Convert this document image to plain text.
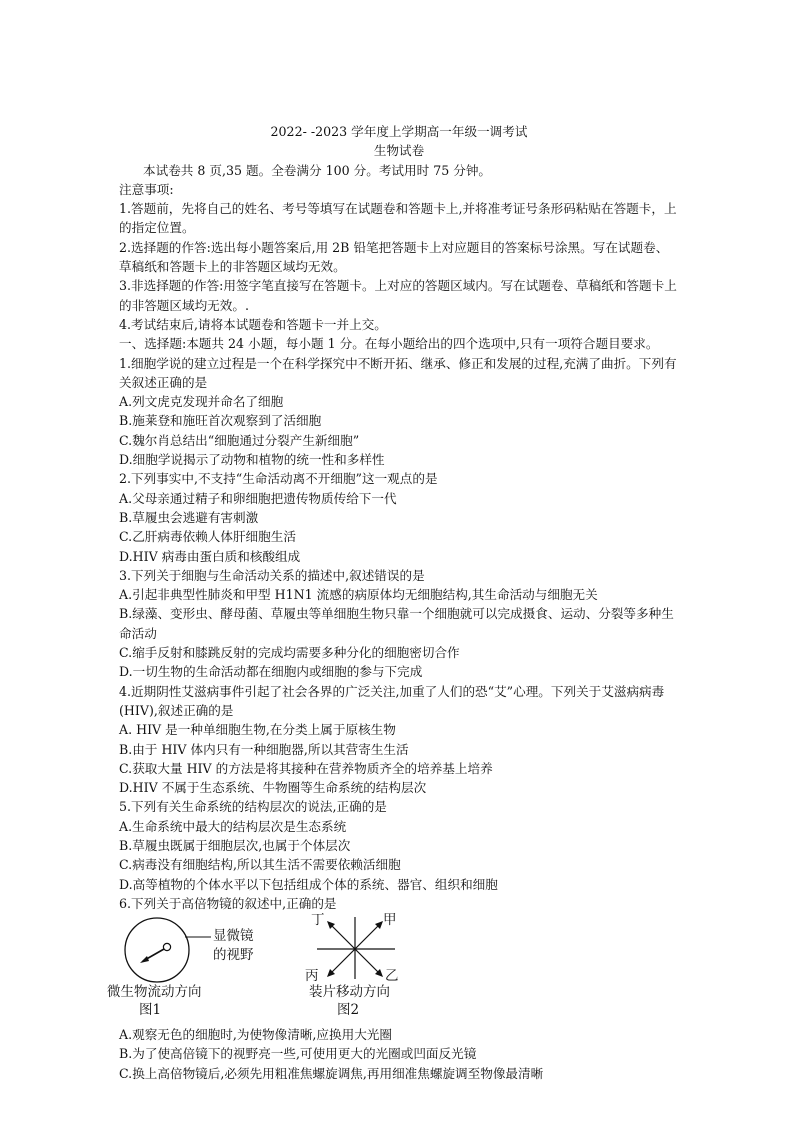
2022- -2023 学年度上学期高一年级一调考试

生物试卷

本试卷共 8 页,35 题。全卷满分 100 分。考试用时 75 分钟。

注意事项:

1.答题前，先将自己的姓名、考号等填写在试题卷和答题卡上,并将准考证号条形码粘贴在答题卡，上的指定位置。

2.选择题的作答:选出每小题答案后,用 2B 铅笔把答题卡上对应题目的答案标号涂黑。写在试题卷、草稿纸和答题卡上的非答题区域均无效。

3.非选择题的作答:用签字笔直接写在答题卡。上对应的答题区域内。写在试题卷、草稿纸和答题卡上的非答题区域均无效。.

4.考试结束后,请将本试题卷和答题卡一并上交。

一、选择题:本题共 24 小题，每小题 1 分。在每小题给出的四个选项中,只有一项符合题目要求。

1.细胞学说的建立过程是一个在科学探究中不断开拓、继承、修正和发展的过程,充满了曲折。下列有关叙述正确的是

A.列文虎克发现并命名了细胞

B.施莱登和施旺首次观察到了活细胞

C.魏尔肖总结出“细胞通过分裂产生新细胞”

D.细胞学说揭示了动物和植物的统一性和多样性

2.下列事实中,不支持“生命活动离不开细胞”这一观点的是

A.父母亲通过精子和卵细胞把遗传物质传给下一代

B.草履虫会逃避有害刺激

C.乙肝病毒依赖人体肝细胞生活

D.HIV 病毒由蛋白质和核酸组成

3.下列关于细胞与生命活动关系的描述中,叙述错误的是

A.引起非典型性肺炎和甲型 H1N1 流感的病原体均无细胞结构,其生命活动与细胞无关

B.绿藻、变形虫、酵母菌、草履虫等单细胞生物只靠一个细胞就可以完成摄食、运动、分裂等多种生命活动

C.缩手反射和膝跳反射的完成均需要多种分化的细胞密切合作

D.一切生物的生命活动都在细胞内或细胞的参与下完成

4.近期阴性艾滋病事件引起了社会各界的广泛关注,加重了人们的恐“艾”心理。下列关于艾滋病病毒(HIV),叙述正确的是

A. HIV 是一种单细胞生物,在分类上属于原核生物

B.由于 HIV 体内只有一种细胞器,所以其营寄生生活

C.获取大量 HIV 的方法是将其接种在营养物质齐全的培养基上培养

D.HIV 不属于生态系统、牛物圈等生命系统的结构层次

5.下列有关生命系统的结构层次的说法,正确的是

A.生命系统中最大的结构层次是生态系统

B.草履虫既属于细胞层次,也属于个体层次

C.病毒没有细胞结构,所以其生活不需要依赖活细胞

D.高等植物的个体水平以下包括组成个体的系统、器官、组织和细胞

6.下列关于高倍物镜的叙述中,正确的是

显微镜
的视野
微生物流动方向
图1
丁	甲
丙	乙
装片移动方向
图2

A.观察无色的细胞时,为使物像清晰,应换用大光圈

B.为了使高倍镜下的视野亮一些,可使用更大的光圈或凹面反光镜

C.换上高倍物镜后,必须先用粗准焦螺旋调焦,再用细准焦螺旋调至物像最清晰
